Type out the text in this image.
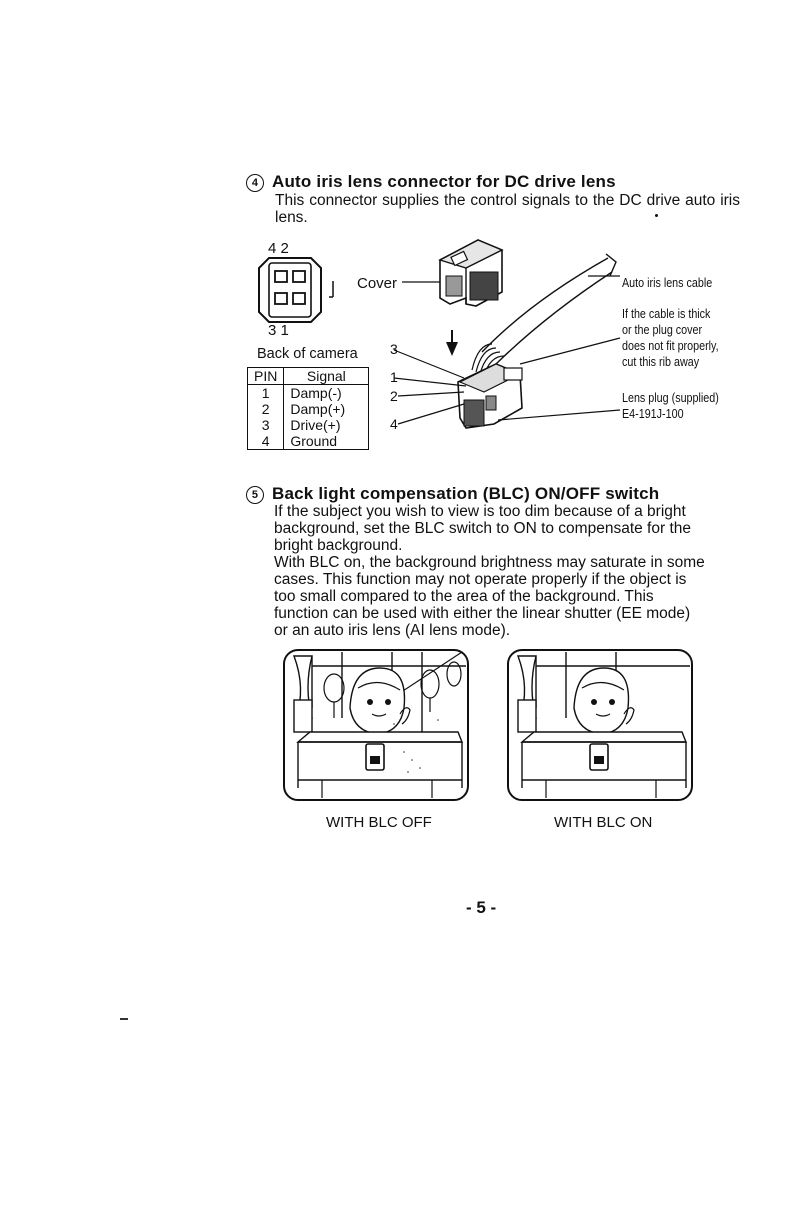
4 Auto iris lens connector for DC drive lens
This connector supplies the control signals to the DC drive auto iris lens.
4 2
3 1
Back of camera
PIN	Signal
1	Damp(-)
2	Damp(+)
3	Drive(+)
4	Ground
Cover
3
1
2
4
Auto iris lens cable
If the cable is thick
or the plug cover
does not fit properly,
cut this rib away
Lens plug (supplied)
E4-191J-100
5 Back light compensation (BLC) ON/OFF switch
If the subject you wish to view is too dim because of a bright
background, set the BLC switch to ON to compensate for the
bright background.
With BLC on, the background brightness may saturate in some
cases. This function may not operate properly if the object is
too small compared to the area of the background. This
function can be used with either the linear shutter (EE mode)
or an auto iris lens (AI lens mode).
WITH BLC OFF	WITH BLC ON
- 5 -
